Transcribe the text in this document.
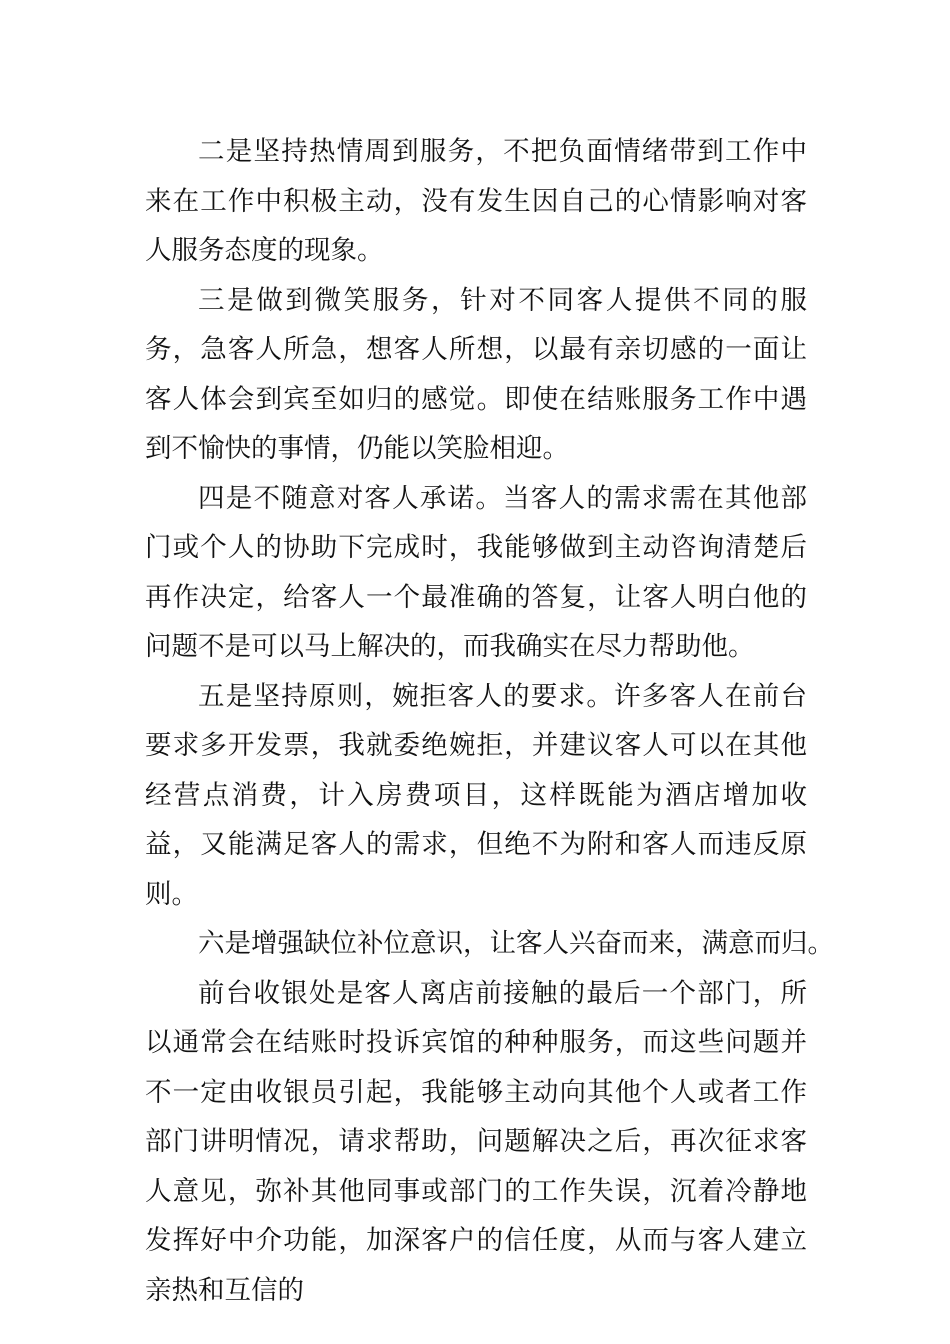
二是坚持热情周到服务，不把负面情绪带到工作中来在工作中积极主动，没有发生因自己的心情影响对客人服务态度的现象。

三是做到微笑服务，针对不同客人提供不同的服务，急客人所急，想客人所想，以最有亲切感的一面让客人体会到宾至如归的感觉。即使在结账服务工作中遇到不愉快的事情，仍能以笑脸相迎。

四是不随意对客人承诺。当客人的需求需在其他部门或个人的协助下完成时，我能够做到主动咨询清楚后再作决定，给客人一个最准确的答复，让客人明白他的问题不是可以马上解决的，而我确实在尽力帮助他。

五是坚持原则，婉拒客人的要求。许多客人在前台要求多开发票，我就委绝婉拒，并建议客人可以在其他经营点消费，计入房费项目，这样既能为酒店增加收益，又能满足客人的需求，但绝不为附和客人而违反原则。

六是增强缺位补位意识，让客人兴奋而来，满意而归。

前台收银处是客人离店前接触的最后一个部门，所以通常会在结账时投诉宾馆的种种服务，而这些问题并不一定由收银员引起，我能够主动向其他个人或者工作部门讲明情况，请求帮助，问题解决之后，再次征求客人意见，弥补其他同事或部门的工作失误，沉着冷静地发挥好中介功能，加深客户的信任度，从而与客人建立亲热和互信的
